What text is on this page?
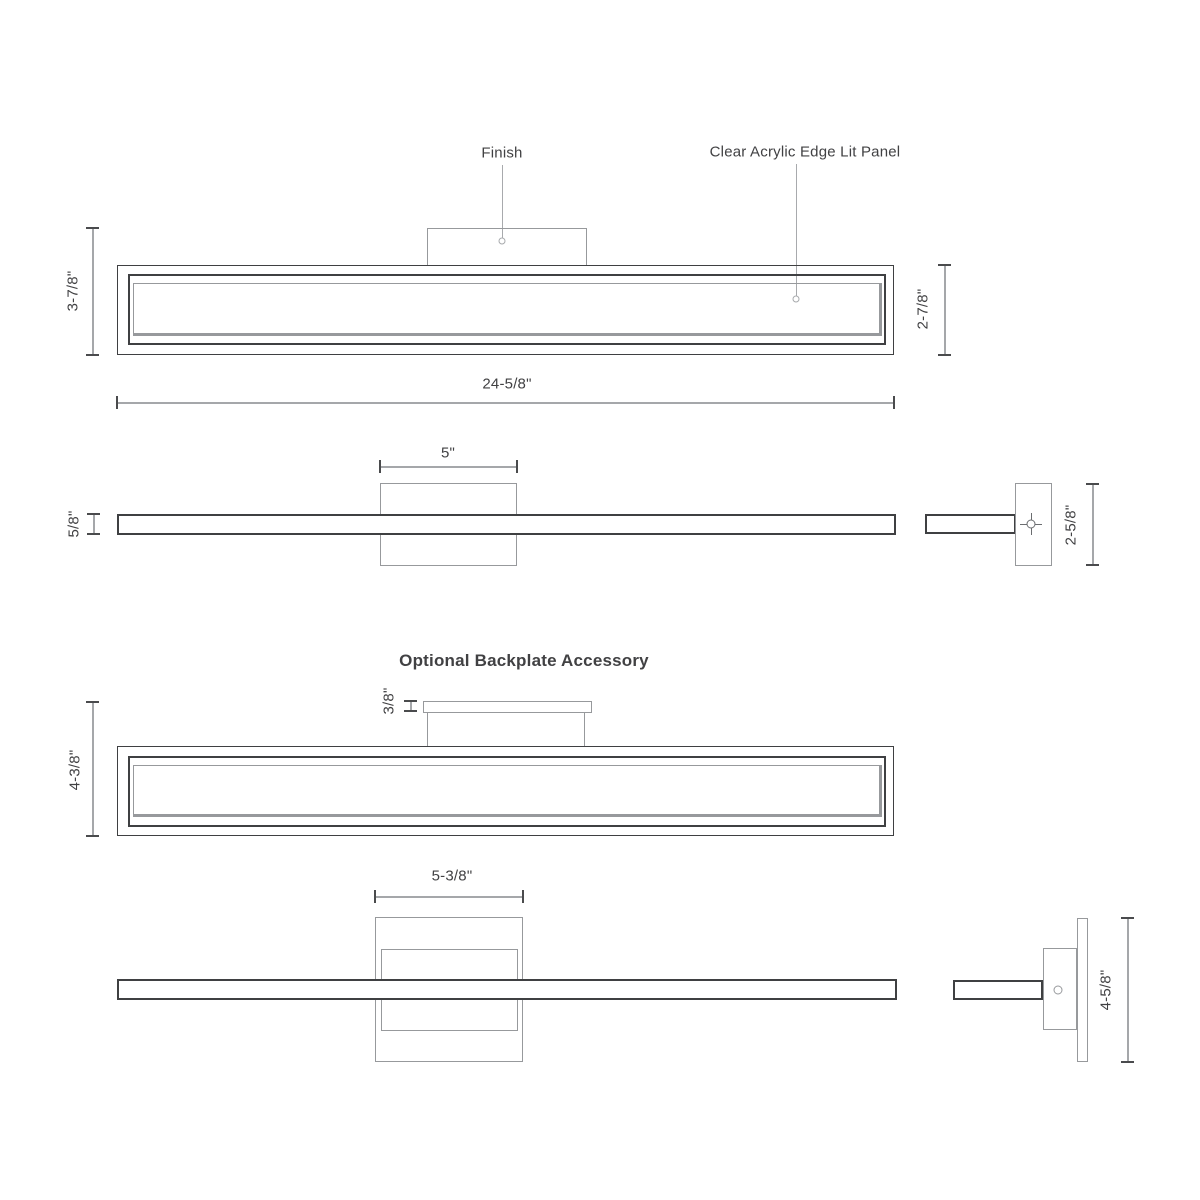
Finish	Clear Acrylic Edge Lit Panel
3-7/8"	2-7/8"
24-5/8"
5"
5/8"	2-5/8"
Optional Backplate Accessory
3/8"
4-3/8"
5-3/8"
4-5/8"
